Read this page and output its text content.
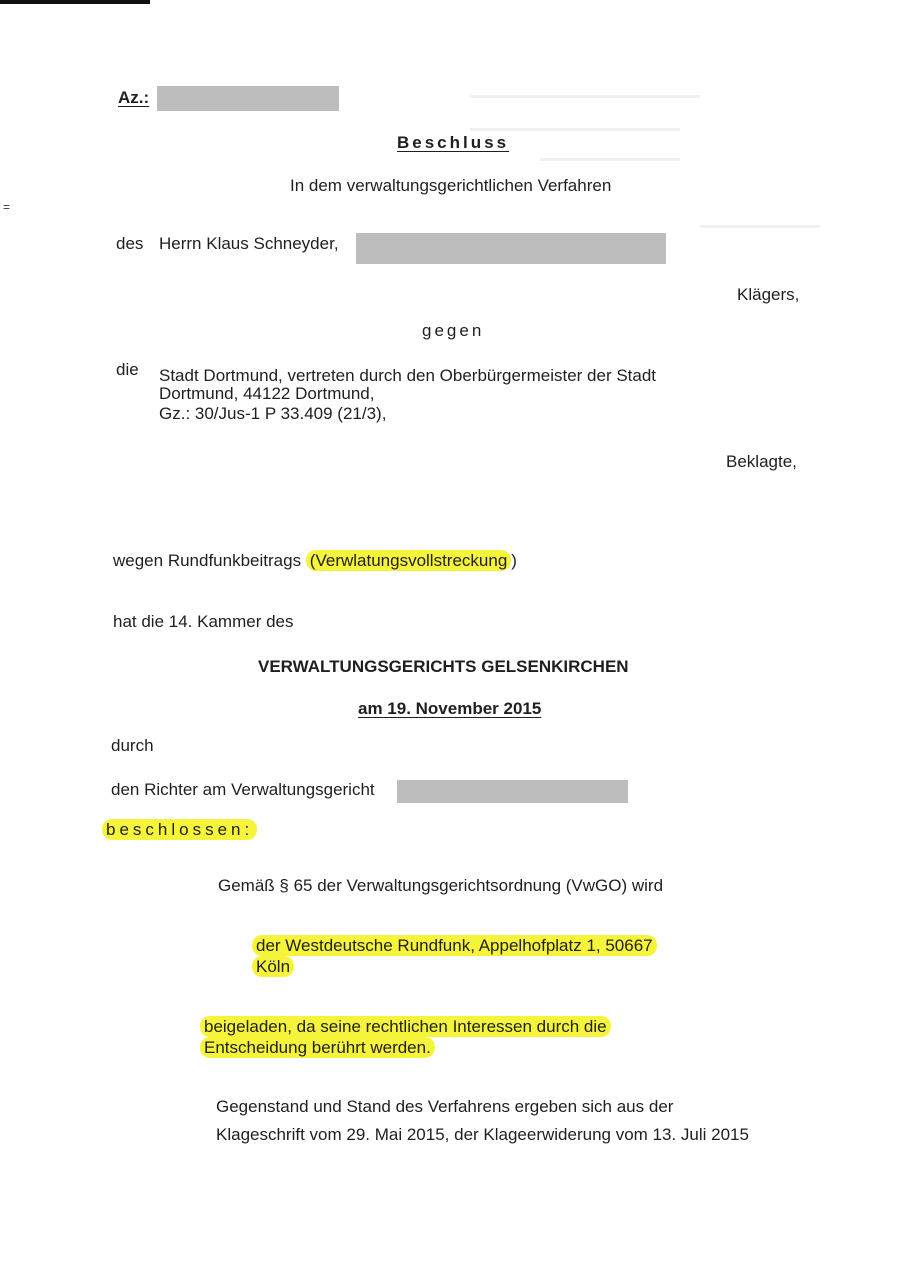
=
Az.:
Beschluss
In dem verwaltungsgerichtlichen Verfahren
des Herrn Klaus Schneyder,
Klägers,
gegen
die Stadt Dortmund, vertreten durch den Oberbürgermeister der Stadt
Dortmund, 44122 Dortmund,
Gz.: 30/Jus-1 P 33.409 (21/3),
Beklagte,
wegen Rundfunkbeitrags (Verwlatungsvollstreckung )
hat die 14. Kammer des
VERWALTUNGSGERICHTS GELSENKIRCHEN
am 19. November 2015
durch
den Richter am Verwaltungsgericht
beschlossen:
Gemäß § 65 der Verwaltungsgerichtsordnung (VwGO) wird
der Westdeutsche Rundfunk, Appelhofplatz 1, 50667
Köln
beigeladen, da seine rechtlichen Interessen durch die
Entscheidung berührt werden.
Gegenstand und Stand des Verfahrens ergeben sich aus der
Klageschrift vom 29. Mai 2015, der Klageerwiderung vom 13. Juli 2015
